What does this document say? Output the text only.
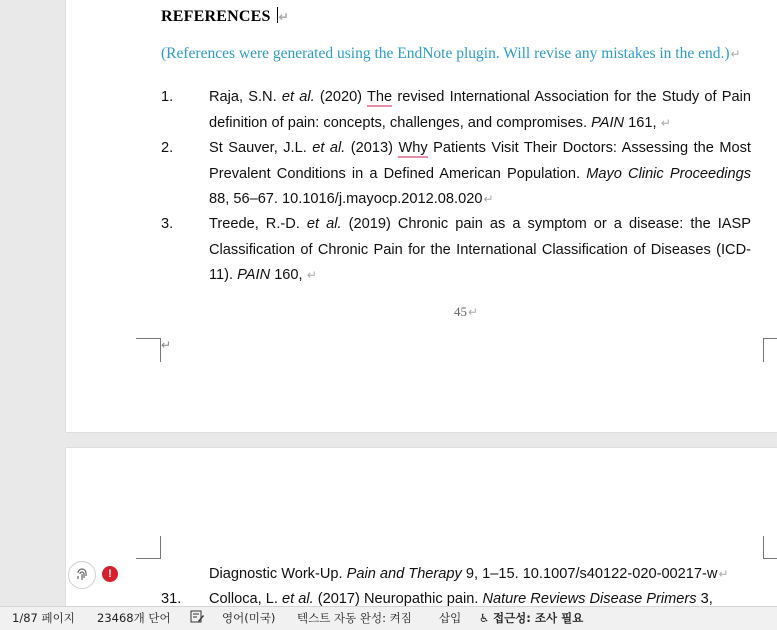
REFERENCES ↵
(References were generated using the EndNote plugin. Will revise any mistakes in the end.)↵
1.	Raja, S.N. et al. (2020) The revised International Association for the Study of Pain definition of pain: concepts, challenges, and compromises. PAIN 161, ↵
2.	St Sauver, J.L. et al. (2013) Why Patients Visit Their Doctors: Assessing the Most Prevalent Conditions in a Defined American Population. Mayo Clinic Proceedings 88, 56–67. 10.1016/j.mayocp.2012.08.020↵
3.	Treede, R.-D. et al. (2019) Chronic pain as a symptom or a disease: the IASP Classification of Chronic Pain for the International Classification of Diseases (ICD-11). PAIN 160, ↵
45↵
↵
Diagnostic Work-Up. Pain and Therapy 9, 1–15. 10.1007/s40122-020-00217-w↵
31.	Colloca, L. et al. (2017) Neuropathic pain. Nature Reviews Disease Primers 3,
!
1/87 페이지 23468개 단어	영어(미국) 텍스트 자동 완성: 켜짐 삽입 ♿ 접근성: 조사 필요
